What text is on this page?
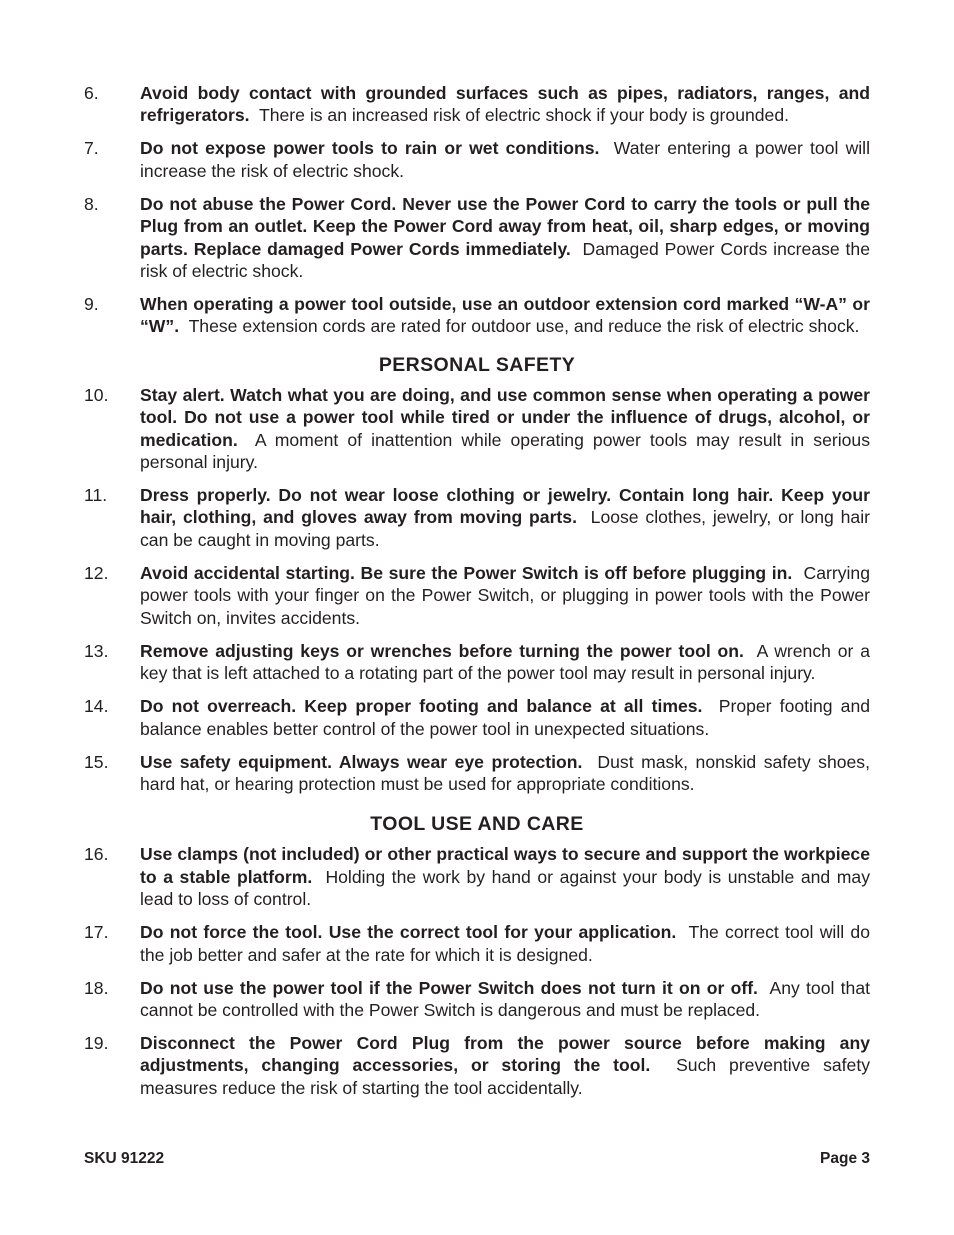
6.	Avoid body contact with grounded surfaces such as pipes, radiators, ranges, and refrigerators. There is an increased risk of electric shock if your body is grounded.
7.	Do not expose power tools to rain or wet conditions. Water entering a power tool will increase the risk of electric shock.
8.	Do not abuse the Power Cord. Never use the Power Cord to carry the tools or pull the Plug from an outlet. Keep the Power Cord away from heat, oil, sharp edges, or moving parts. Replace damaged Power Cords immediately. Damaged Power Cords increase the risk of electric shock.
9.	When operating a power tool outside, use an outdoor extension cord marked “W-A” or “W”. These extension cords are rated for outdoor use, and reduce the risk of electric shock.
PERSONAL SAFETY
10.	Stay alert. Watch what you are doing, and use common sense when operating a power tool. Do not use a power tool while tired or under the influence of drugs, alcohol, or medication. A moment of inattention while operating power tools may result in serious personal injury.
11.	Dress properly. Do not wear loose clothing or jewelry. Contain long hair. Keep your hair, clothing, and gloves away from moving parts. Loose clothes, jewelry, or long hair can be caught in moving parts.
12.	Avoid accidental starting. Be sure the Power Switch is off before plugging in. Carrying power tools with your finger on the Power Switch, or plugging in power tools with the Power Switch on, invites accidents.
13.	Remove adjusting keys or wrenches before turning the power tool on. A wrench or a key that is left attached to a rotating part of the power tool may result in personal injury.
14.	Do not overreach. Keep proper footing and balance at all times. Proper footing and balance enables better control of the power tool in unexpected situations.
15.	Use safety equipment. Always wear eye protection. Dust mask, nonskid safety shoes, hard hat, or hearing protection must be used for appropriate conditions.
TOOL USE AND CARE
16.	Use clamps (not included) or other practical ways to secure and support the workpiece to a stable platform. Holding the work by hand or against your body is unstable and may lead to loss of control.
17.	Do not force the tool. Use the correct tool for your application. The correct tool will do the job better and safer at the rate for which it is designed.
18.	Do not use the power tool if the Power Switch does not turn it on or off. Any tool that cannot be controlled with the Power Switch is dangerous and must be replaced.
19.	Disconnect the Power Cord Plug from the power source before making any adjustments, changing accessories, or storing the tool. Such preventive safety measures reduce the risk of starting the tool accidentally.
SKU 91222	Page 3
